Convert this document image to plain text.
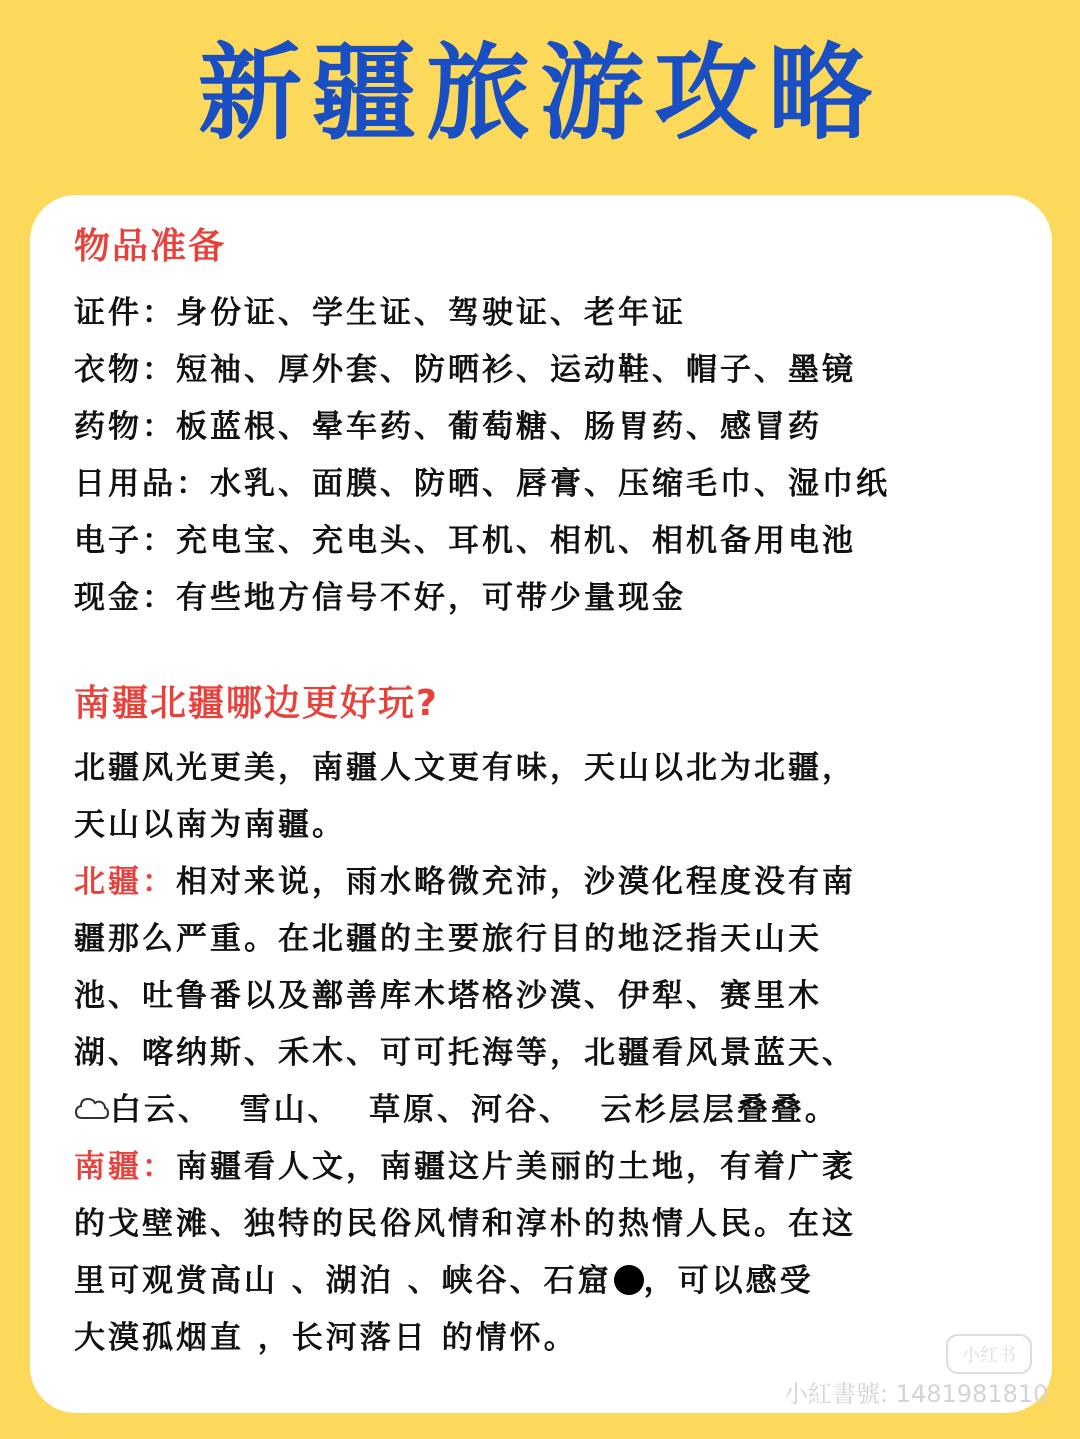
新疆旅游攻略
物品准备
证件：身份证、学生证、驾驶证、老年证
衣物：短袖、厚外套、防晒衫、运动鞋、帽子、墨镜
药物：板蓝根、晕车药、葡萄糖、肠胃药、感冒药
日用品：水乳、面膜、防晒、唇膏、压缩毛巾、湿巾纸
电子：充电宝、充电头、耳机、相机、相机备用电池
现金：有些地方信号不好，可带少量现金
南疆北疆哪边更好玩?
北疆风光更美，南疆人文更有味，天山以北为北疆，
天山以南为南疆。
北疆：相对来说，雨水略微充沛，沙漠化程度没有南
疆那么严重。在北疆的主要旅行目的地泛指天山天
池、吐鲁番以及鄯善库木塔格沙漠、伊犁、赛里木
湖、喀纳斯、禾木、可可托海等，北疆看风景蓝天、
白云、  雪山、  草原、河谷、  云杉层层叠叠。
南疆：南疆看人文，南疆这片美丽的土地，有着广袤
的戈壁滩、独特的民俗风情和淳朴的热情人民。在这
里可观赏高山 、湖泊 、峡谷、石窟 ，可以感受
大漠孤烟直 ，长河落日 的情怀。	小红书
小紅書號: 1481981810
